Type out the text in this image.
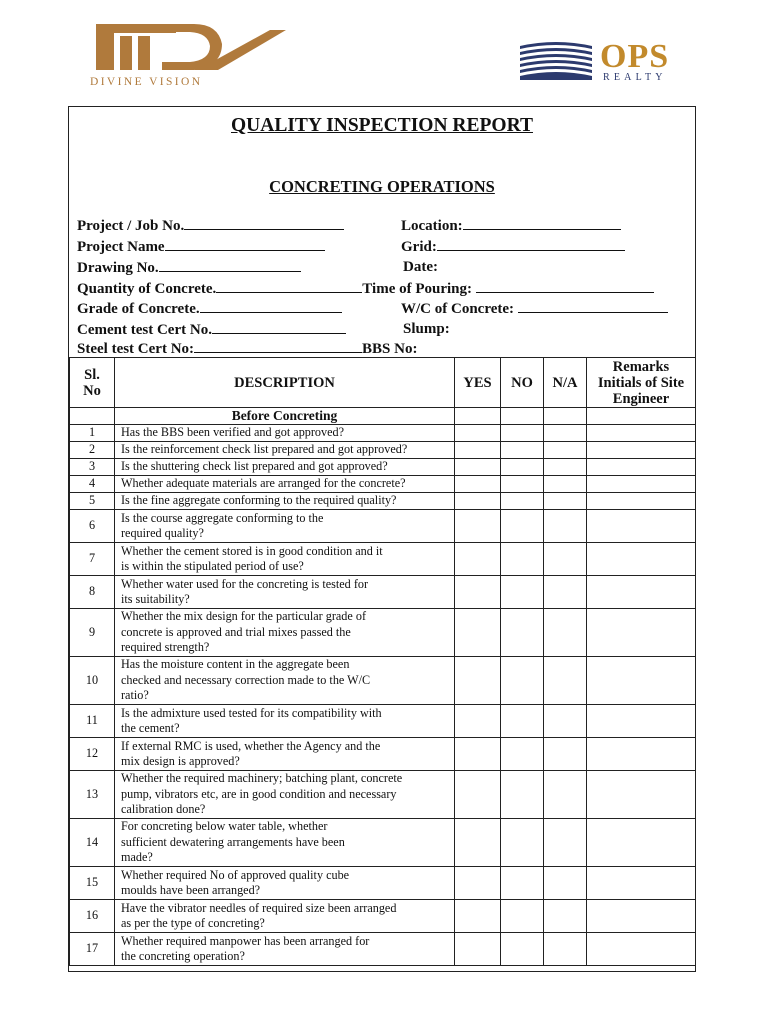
DIVINE VISION
OPS
REALTY
QUALITY INSPECTION REPORT
CONCRETING OPERATIONS
Project / Job No.	Location:
Project Name	Grid:
Drawing No.	Date:
Quantity of Concrete.	Time of Pouring:
Grade of Concrete.	W/C of Concrete:
Cement test Cert No.	Slump:
Steel test Cert No:	BBS No:
Sl.
No	DESCRIPTION	YES	NO	N/A	Remarks
Initials of Site
Engineer
	Before Concreting				
1	Has the BBS been verified and got approved?				
2	Is the reinforcement check list prepared and got approved?				
3	Is the shuttering check list prepared and got approved?				
4	Whether adequate materials are arranged for the concrete?				
5	Is the fine aggregate conforming to the required quality?				
6	Is the course aggregate conforming to the
required quality?				
7	Whether the cement stored is in good condition and it
is within the stipulated period of use?				
8	Whether water used for the concreting is tested for
its suitability?				
9	Whether the mix design for the particular grade of
concrete is approved and trial mixes passed the
required strength?				
10	Has the moisture content in the aggregate been
checked and necessary correction made to the W/C
ratio?				
11	Is the admixture used tested for its compatibility with
the cement?				
12	If external RMC is used, whether the Agency and the
mix design is approved?				
13	Whether the required machinery; batching plant, concrete
pump, vibrators etc, are in good condition and necessary
calibration done?				
14	For concreting below water table, whether
sufficient dewatering arrangements have been
made?				
15	Whether required No of approved quality cube
moulds have been arranged?				
16	Have the vibrator needles of required size been arranged
as per the type of concreting?				
17	Whether required manpower has been arranged for
the concreting operation?				
